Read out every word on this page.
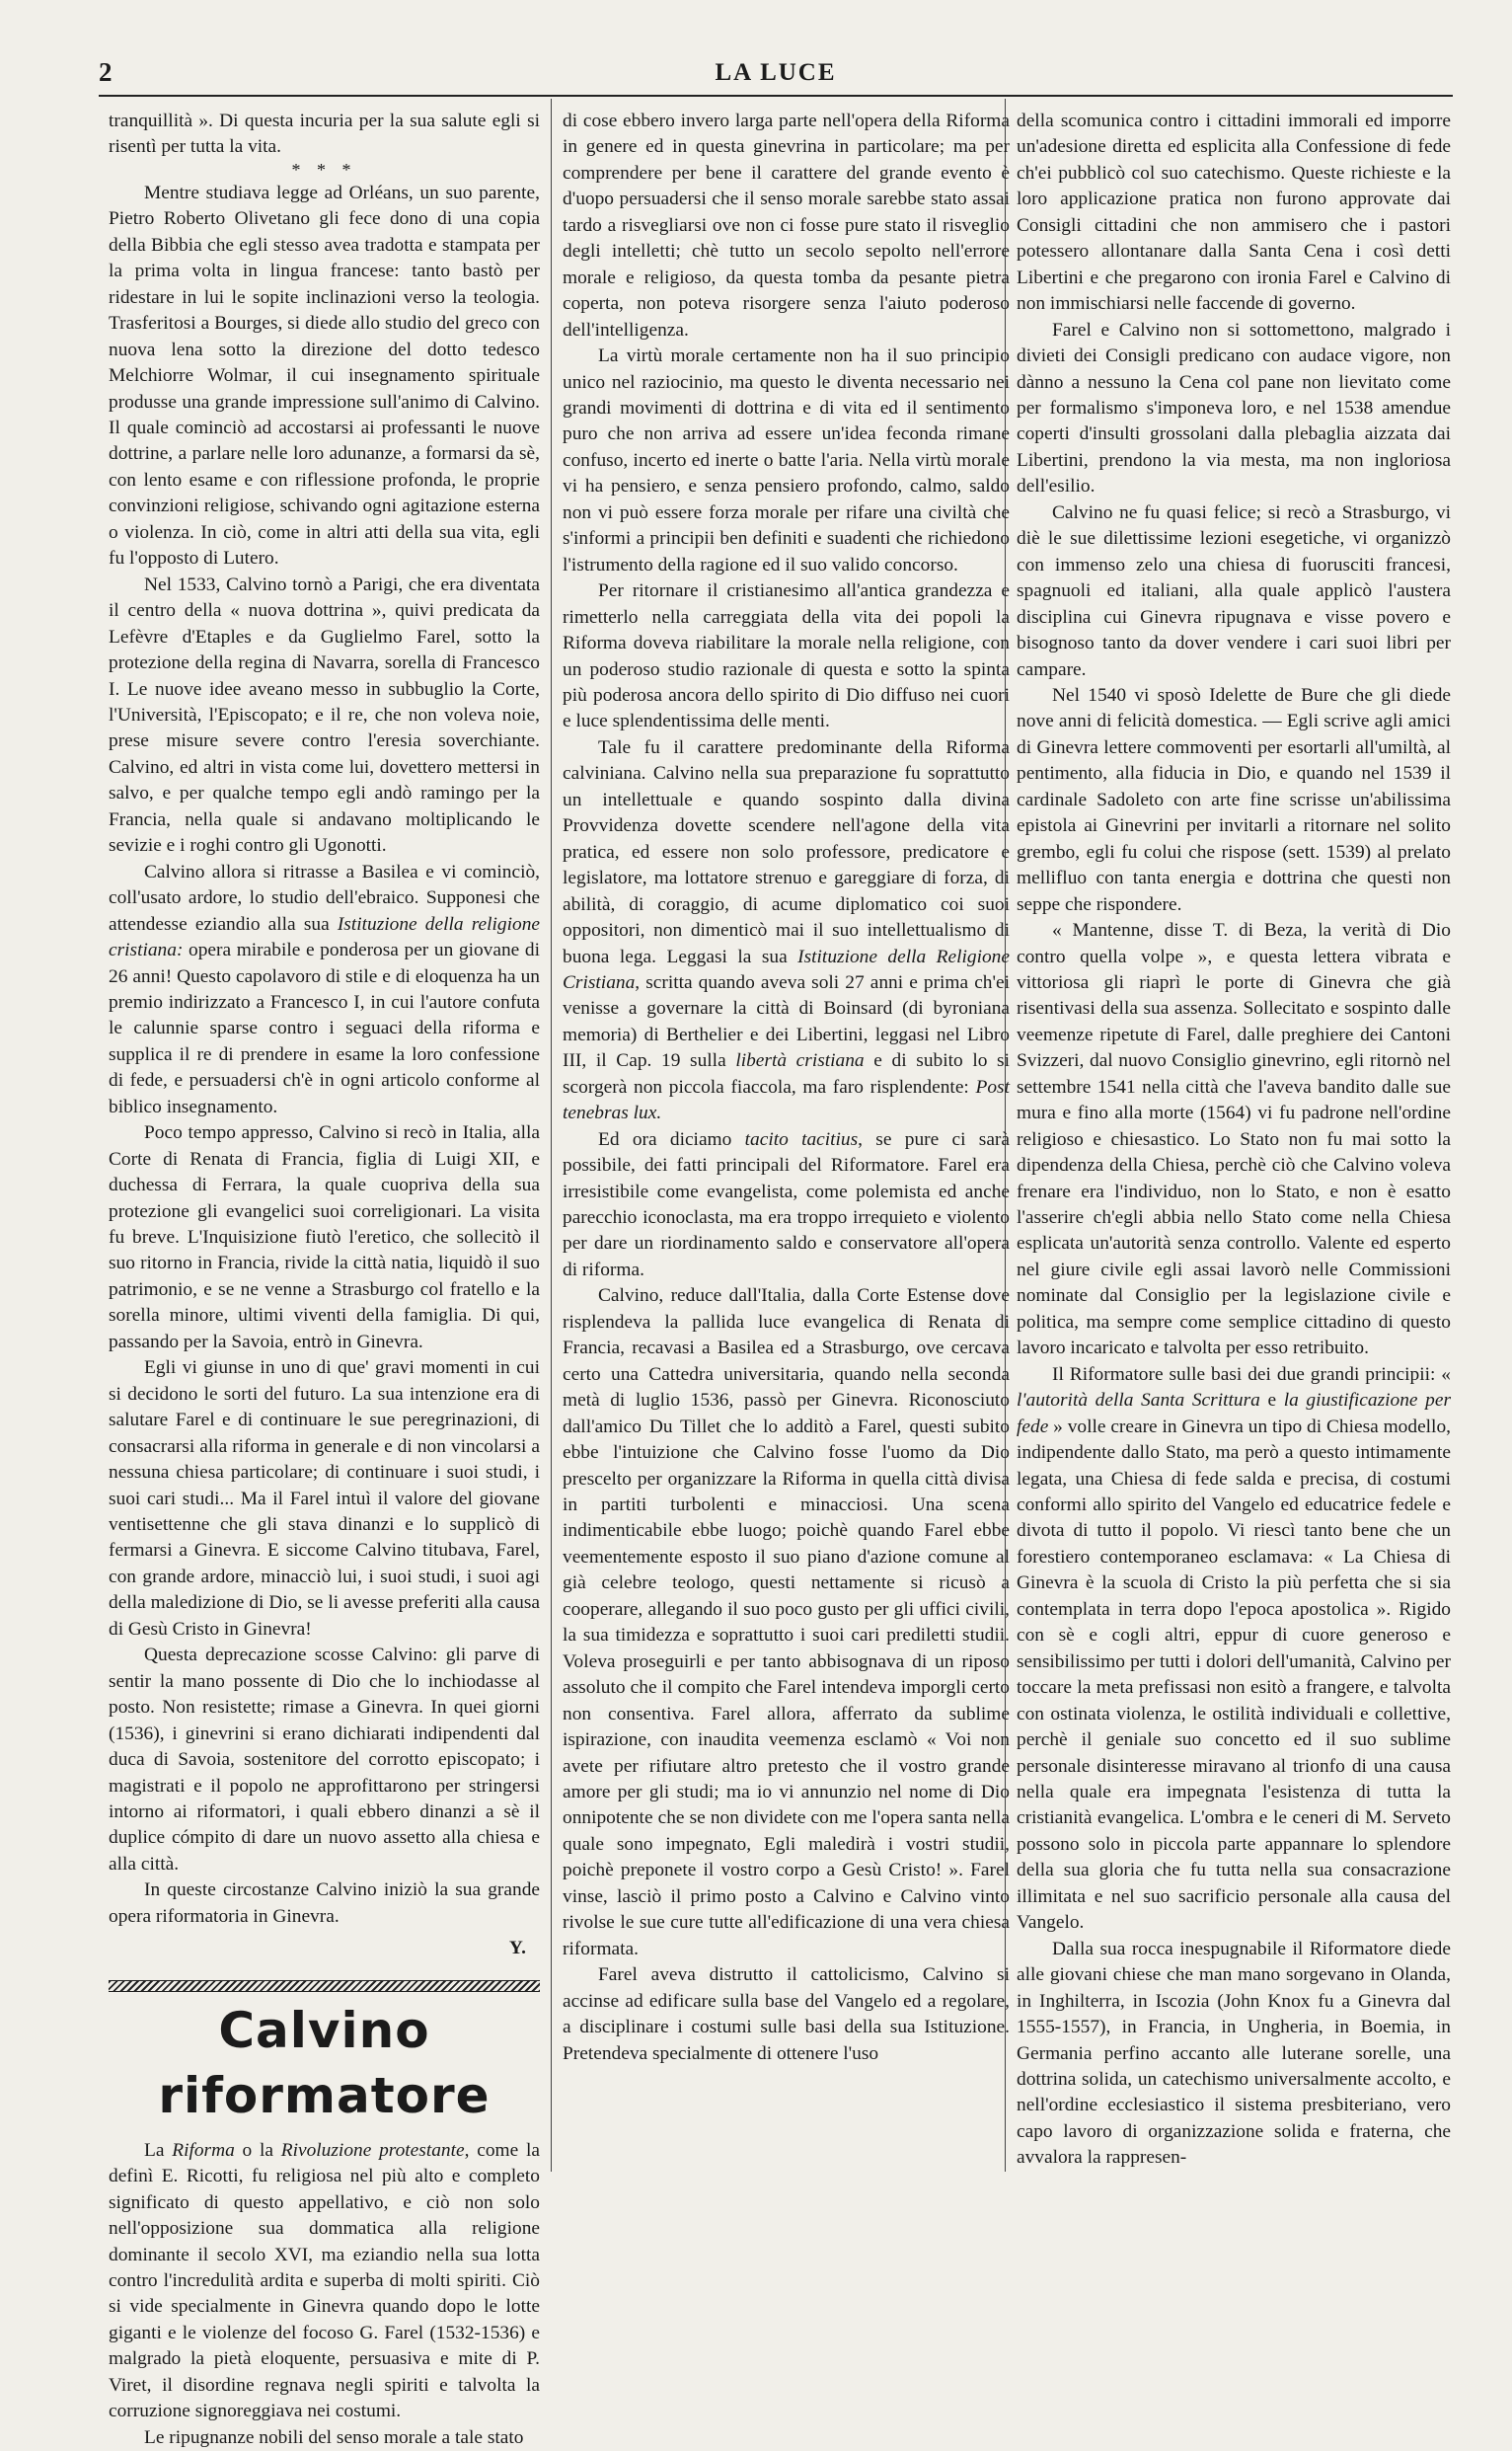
2	LA LUCE

tranquillità ». Di questa incuria per la sua salute egli si risentì per tutta la vita.

* * *

Mentre studiava legge ad Orléans, un suo parente, Pietro Roberto Olivetano gli fece dono di una copia della Bibbia che egli stesso avea tradotta e stampata per la prima volta in lingua francese: tanto bastò per ridestare in lui le sopite inclinazioni verso la teologia. Trasferitosi a Bourges, si diede allo studio del greco con nuova lena sotto la direzione del dotto tedesco Melchiorre Wolmar, il cui insegnamento spirituale produsse una grande impressione sull'animo di Calvino. Il quale cominciò ad accostarsi ai professanti le nuove dottrine, a parlare nelle loro adunanze, a formarsi da sè, con lento esame e con riflessione profonda, le proprie convinzioni religiose, schivando ogni agitazione esterna o violenza. In ciò, come in altri atti della sua vita, egli fu l'opposto di Lutero.

Nel 1533, Calvino tornò a Parigi, che era diventata il centro della « nuova dottrina », quivi predicata da Lefèvre d'Etaples e da Guglielmo Farel, sotto la protezione della regina di Navarra, sorella di Francesco I. Le nuove idee aveano messo in subbuglio la Corte, l'Università, l'Episcopato; e il re, che non voleva noie, prese misure severe contro l'eresia soverchiante. Calvino, ed altri in vista come lui, dovettero mettersi in salvo, e per qualche tempo egli andò ramingo per la Francia, nella quale si andavano moltiplicando le sevizie e i roghi contro gli Ugonotti.

Calvino allora si ritrasse a Basilea e vi cominciò, coll'usato ardore, lo studio dell'ebraico. Supponesi che attendesse eziandio alla sua Istituzione della religione cristiana: opera mirabile e ponderosa per un giovane di 26 anni! Questo capolavoro di stile e di eloquenza ha un premio indirizzato a Francesco I, in cui l'autore confuta le calunnie sparse contro i seguaci della riforma e supplica il re di prendere in esame la loro confessione di fede, e persuadersi ch'è in ogni articolo conforme al biblico insegnamento.

Poco tempo appresso, Calvino si recò in Italia, alla Corte di Renata di Francia, figlia di Luigi XII, e duchessa di Ferrara, la quale cuopriva della sua protezione gli evangelici suoi correligionari. La visita fu breve. L'Inquisizione fiutò l'eretico, che sollecitò il suo ritorno in Francia, rivide la città natia, liquidò il suo patrimonio, e se ne venne a Strasburgo col fratello e la sorella minore, ultimi viventi della famiglia. Di qui, passando per la Savoia, entrò in Ginevra.

Egli vi giunse in uno di que' gravi momenti in cui si decidono le sorti del futuro. La sua intenzione era di salutare Farel e di continuare le sue peregrinazioni, di consacrarsi alla riforma in generale e di non vincolarsi a nessuna chiesa particolare; di continuare i suoi studi, i suoi cari studi... Ma il Farel intuì il valore del giovane ventisettenne che gli stava dinanzi e lo supplicò di fermarsi a Ginevra. E siccome Calvino titubava, Farel, con grande ardore, minacciò lui, i suoi studi, i suoi agi della maledizione di Dio, se li avesse preferiti alla causa di Gesù Cristo in Ginevra!

Questa deprecazione scosse Calvino: gli parve di sentir la mano possente di Dio che lo inchiodasse al posto. Non resistette; rimase a Ginevra. In quei giorni (1536), i ginevrini si erano dichiarati indipendenti dal duca di Savoia, sostenitore del corrotto episcopato; i magistrati e il popolo ne approfittarono per stringersi intorno ai riformatori, i quali ebbero dinanzi a sè il duplice cómpito di dare un nuovo assetto alla chiesa e alla città.

In queste circostanze Calvino iniziò la sua grande opera riformatoria in Ginevra.

Y.
Calvino riformatore

La Riforma o la Rivoluzione protestante, come la definì E. Ricotti, fu religiosa nel più alto e completo significato di questo appellativo, e ciò non solo nell'opposizione sua dommatica alla religione dominante il secolo XVI, ma eziandio nella sua lotta contro l'incredulità ardita e superba di molti spiriti. Ciò si vide specialmente in Ginevra quando dopo le lotte giganti e le violenze del focoso G. Farel (1532-1536) e malgrado la pietà eloquente, persuasiva e mite di P. Viret, il disordine regnava negli spiriti e talvolta la corruzione signoreggiava nei costumi.

Le ripugnanze nobili del senso morale a tale stato

di cose ebbero invero larga parte nell'opera della Riforma in genere ed in questa ginevrina in particolare; ma per comprendere per bene il carattere del grande evento è d'uopo persuadersi che il senso morale sarebbe stato assai tardo a risvegliarsi ove non ci fosse pure stato il risveglio degli intelletti; chè tutto un secolo sepolto nell'errore morale e religioso, da questa tomba da pesante pietra coperta, non poteva risorgere senza l'aiuto poderoso dell'intelligenza.

La virtù morale certamente non ha il suo principio unico nel raziocinio, ma questo le diventa necessario nei grandi movimenti di dottrina e di vita ed il sentimento puro che non arriva ad essere un'idea feconda rimane confuso, incerto ed inerte o batte l'aria. Nella virtù morale vi ha pensiero, e senza pensiero profondo, calmo, saldo non vi può essere forza morale per rifare una civiltà che s'informi a principii ben definiti e suadenti che richiedono l'istrumento della ragione ed il suo valido concorso.

Per ritornare il cristianesimo all'antica grandezza e rimetterlo nella carreggiata della vita dei popoli la Riforma doveva riabilitare la morale nella religione, con un poderoso studio razionale di questa e sotto la spinta più poderosa ancora dello spirito di Dio diffuso nei cuori e luce splendentissima delle menti.

Tale fu il carattere predominante della Riforma calviniana. Calvino nella sua preparazione fu soprattutto un intellettuale e quando sospinto dalla divina Provvidenza dovette scendere nell'agone della vita pratica, ed essere non solo professore, predicatore e legislatore, ma lottatore strenuo e gareggiare di forza, di abilità, di coraggio, di acume diplomatico coi suoi oppositori, non dimenticò mai il suo intellettualismo di buona lega. Leggasi la sua Istituzione della Religione Cristiana, scritta quando aveva soli 27 anni e prima ch'ei venisse a governare la città di Boinsard (di byroniana memoria) di Berthelier e dei Libertini, leggasi nel Libro III, il Cap. 19 sulla libertà cristiana e di subito lo si scorgerà non piccola fiaccola, ma faro risplendente: Post tenebras lux.

Ed ora diciamo tacito tacitius, se pure ci sarà possibile, dei fatti principali del Riformatore. Farel era irresistibile come evangelista, come polemista ed anche parecchio iconoclasta, ma era troppo irrequieto e violento per dare un riordinamento saldo e conservatore all'opera di riforma.

Calvino, reduce dall'Italia, dalla Corte Estense dove risplendeva la pallida luce evangelica di Renata di Francia, recavasi a Basilea ed a Strasburgo, ove cercava certo una Cattedra universitaria, quando nella seconda metà di luglio 1536, passò per Ginevra. Riconosciuto dall'amico Du Tillet che lo additò a Farel, questi subito ebbe l'intuizione che Calvino fosse l'uomo da Dio prescelto per organizzare la Riforma in quella città divisa in partiti turbolenti e minacciosi. Una scena indimenticabile ebbe luogo; poichè quando Farel ebbe veementemente esposto il suo piano d'azione comune al già celebre teologo, questi nettamente si ricusò a cooperare, allegando il suo poco gusto per gli uffici civili, la sua timidezza e soprattutto i suoi cari prediletti studii. Voleva proseguirli e per tanto abbisognava di un riposo assoluto che il compito che Farel intendeva imporgli certo non consentiva. Farel allora, afferrato da sublime ispirazione, con inaudita veemenza esclamò « Voi non avete per rifiutare altro pretesto che il vostro grande amore per gli studi; ma io vi annunzio nel nome di Dio onnipotente che se non dividete con me l'opera santa nella quale sono impegnato, Egli maledirà i vostri studii, poichè preponete il vostro corpo a Gesù Cristo! ». Farel vinse, lasciò il primo posto a Calvino e Calvino vinto rivolse le sue cure tutte all'edificazione di una vera chiesa riformata.

Farel aveva distrutto il cattolicismo, Calvino si accinse ad edificare sulla base del Vangelo ed a regolare, a disciplinare i costumi sulle basi della sua Istituzione. Pretendeva specialmente di ottenere l'uso

della scomunica contro i cittadini immorali ed imporre un'adesione diretta ed esplicita alla Confessione di fede ch'ei pubblicò col suo catechismo. Queste richieste e la loro applicazione pratica non furono approvate dai Consigli cittadini che non ammisero che i pastori potessero allontanare dalla Santa Cena i così detti Libertini e che pregarono con ironia Farel e Calvino di non immischiarsi nelle faccende di governo.

Farel e Calvino non si sottomettono, malgrado i divieti dei Consigli predicano con audace vigore, non dànno a nessuno la Cena col pane non lievitato come per formalismo s'imponeva loro, e nel 1538 amendue coperti d'insulti grossolani dalla plebaglia aizzata dai Libertini, prendono la via mesta, ma non ingloriosa dell'esilio.

Calvino ne fu quasi felice; si recò a Strasburgo, vi diè le sue dilettissime lezioni esegetiche, vi organizzò con immenso zelo una chiesa di fuorusciti francesi, spagnuoli ed italiani, alla quale applicò l'austera disciplina cui Ginevra ripugnava e visse povero e bisognoso tanto da dover vendere i cari suoi libri per campare.

Nel 1540 vi sposò Idelette de Bure che gli diede nove anni di felicità domestica. — Egli scrive agli amici di Ginevra lettere commoventi per esortarli all'umiltà, al pentimento, alla fiducia in Dio, e quando nel 1539 il cardinale Sadoleto con arte fine scrisse un'abilissima epistola ai Ginevrini per invitarli a ritornare nel solito grembo, egli fu colui che rispose (sett. 1539) al prelato mellifluo con tanta energia e dottrina che questi non seppe che rispondere.

« Mantenne, disse T. di Beza, la verità di Dio contro quella volpe », e questa lettera vibrata e vittoriosa gli riaprì le porte di Ginevra che già risentivasi della sua assenza. Sollecitato e sospinto dalle veemenze ripetute di Farel, dalle preghiere dei Cantoni Svizzeri, dal nuovo Consiglio ginevrino, egli ritornò nel settembre 1541 nella città che l'aveva bandito dalle sue mura e fino alla morte (1564) vi fu padrone nell'ordine religioso e chiesastico. Lo Stato non fu mai sotto la dipendenza della Chiesa, perchè ciò che Calvino voleva frenare era l'individuo, non lo Stato, e non è esatto l'asserire ch'egli abbia nello Stato come nella Chiesa esplicata un'autorità senza controllo. Valente ed esperto nel giure civile egli assai lavorò nelle Commissioni nominate dal Consiglio per la legislazione civile e politica, ma sempre come semplice cittadino di questo lavoro incaricato e talvolta per esso retribuito.

Il Riformatore sulle basi dei due grandi principii: « l'autorità della Santa Scrittura e la giustificazione per fede » volle creare in Ginevra un tipo di Chiesa modello, indipendente dallo Stato, ma però a questo intimamente legata, una Chiesa di fede salda e precisa, di costumi conformi allo spirito del Vangelo ed educatrice fedele e divota di tutto il popolo. Vi riescì tanto bene che un forestiero contemporaneo esclamava: « La Chiesa di Ginevra è la scuola di Cristo la più perfetta che si sia contemplata in terra dopo l'epoca apostolica ». Rigido con sè e cogli altri, eppur di cuore generoso e sensibilissimo per tutti i dolori dell'umanità, Calvino per toccare la meta prefissasi non esitò a frangere, e talvolta con ostinata violenza, le ostilità individuali e collettive, perchè il geniale suo concetto ed il suo sublime personale disinteresse miravano al trionfo di una causa nella quale era impegnata l'esistenza di tutta la cristianità evangelica. L'ombra e le ceneri di M. Serveto possono solo in piccola parte appannare lo splendore della sua gloria che fu tutta nella sua consacrazione illimitata e nel suo sacrificio personale alla causa del Vangelo.

Dalla sua rocca inespugnabile il Riformatore diede alle giovani chiese che man mano sorgevano in Olanda, in Inghilterra, in Iscozia (John Knox fu a Ginevra dal 1555-1557), in Francia, in Ungheria, in Boemia, in Germania perfino accanto alle luterane sorelle, una dottrina solida, un catechismo universalmente accolto, e nell'ordine ecclesiastico il sistema presbiteriano, vero capo lavoro di organizzazione solida e fraterna, che avvalora la rappresen-
